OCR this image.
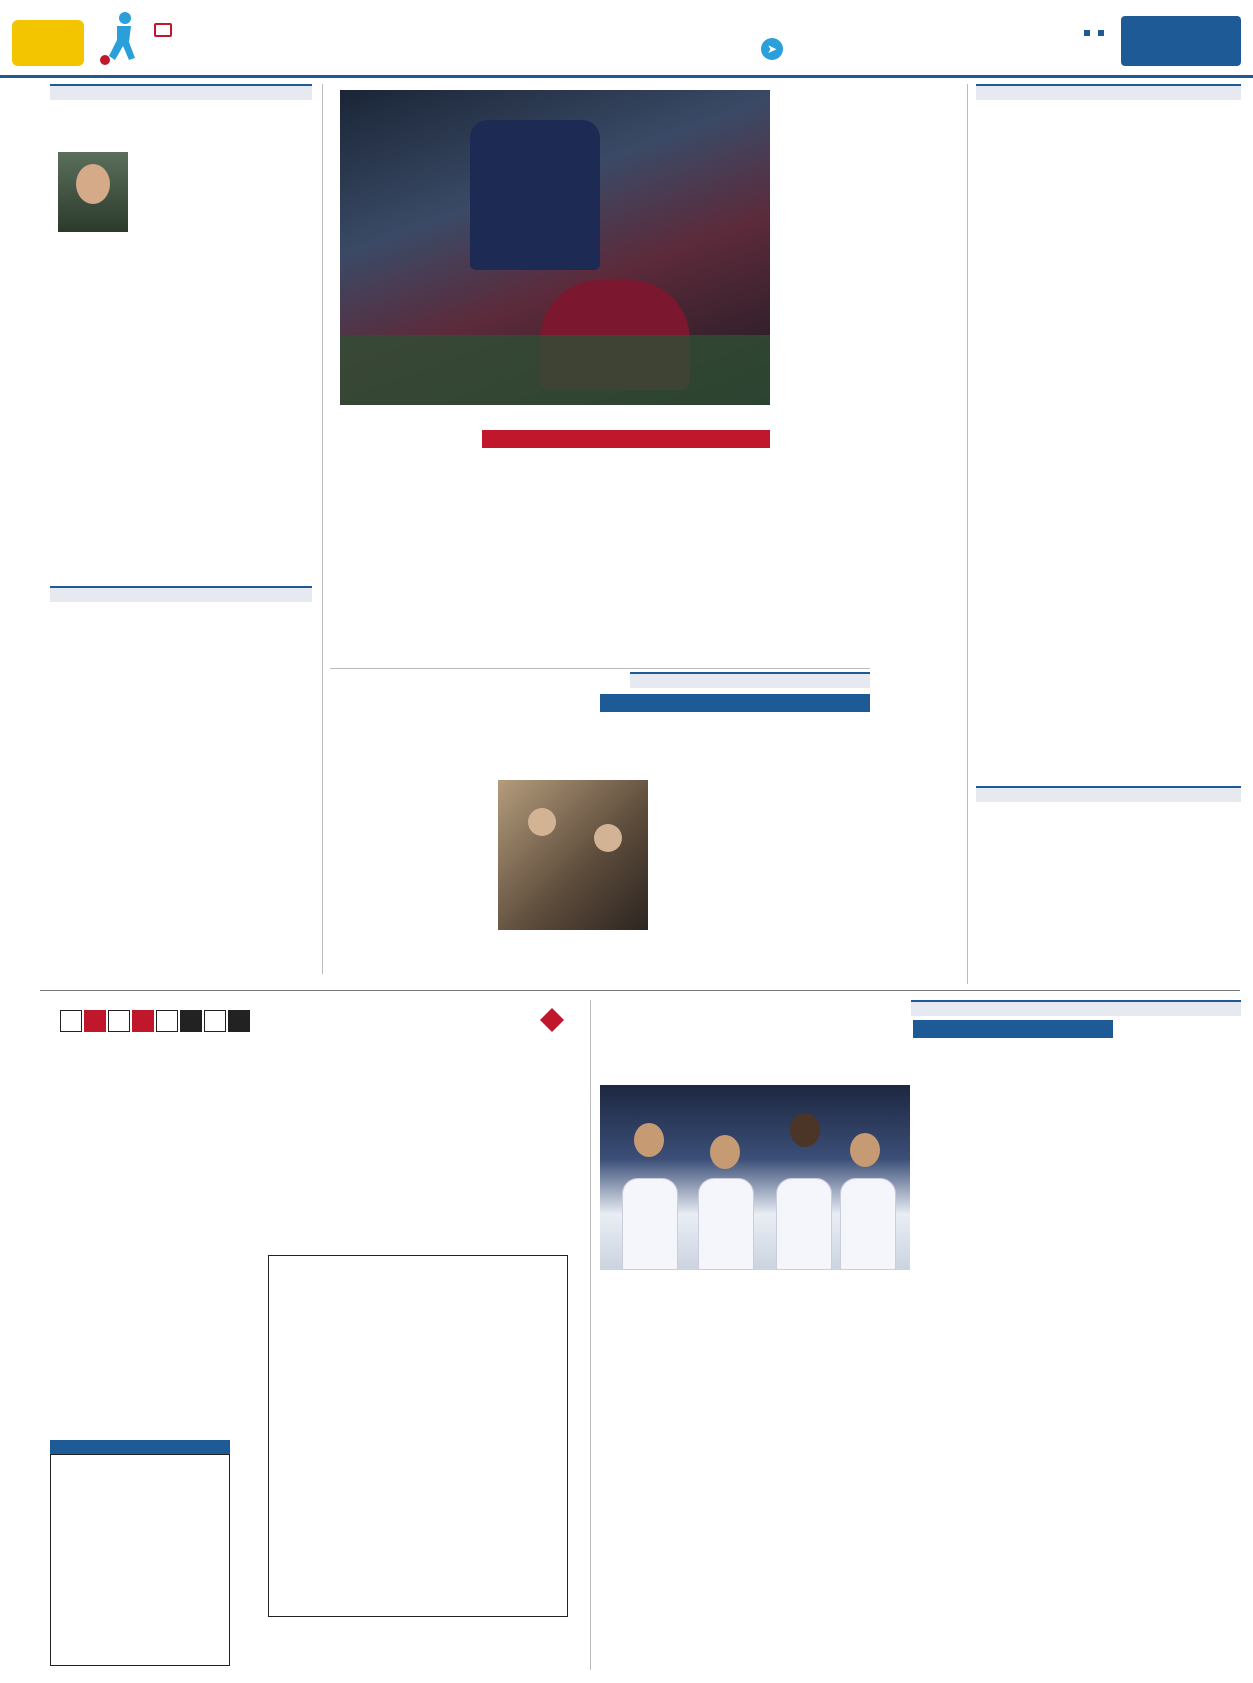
➤
